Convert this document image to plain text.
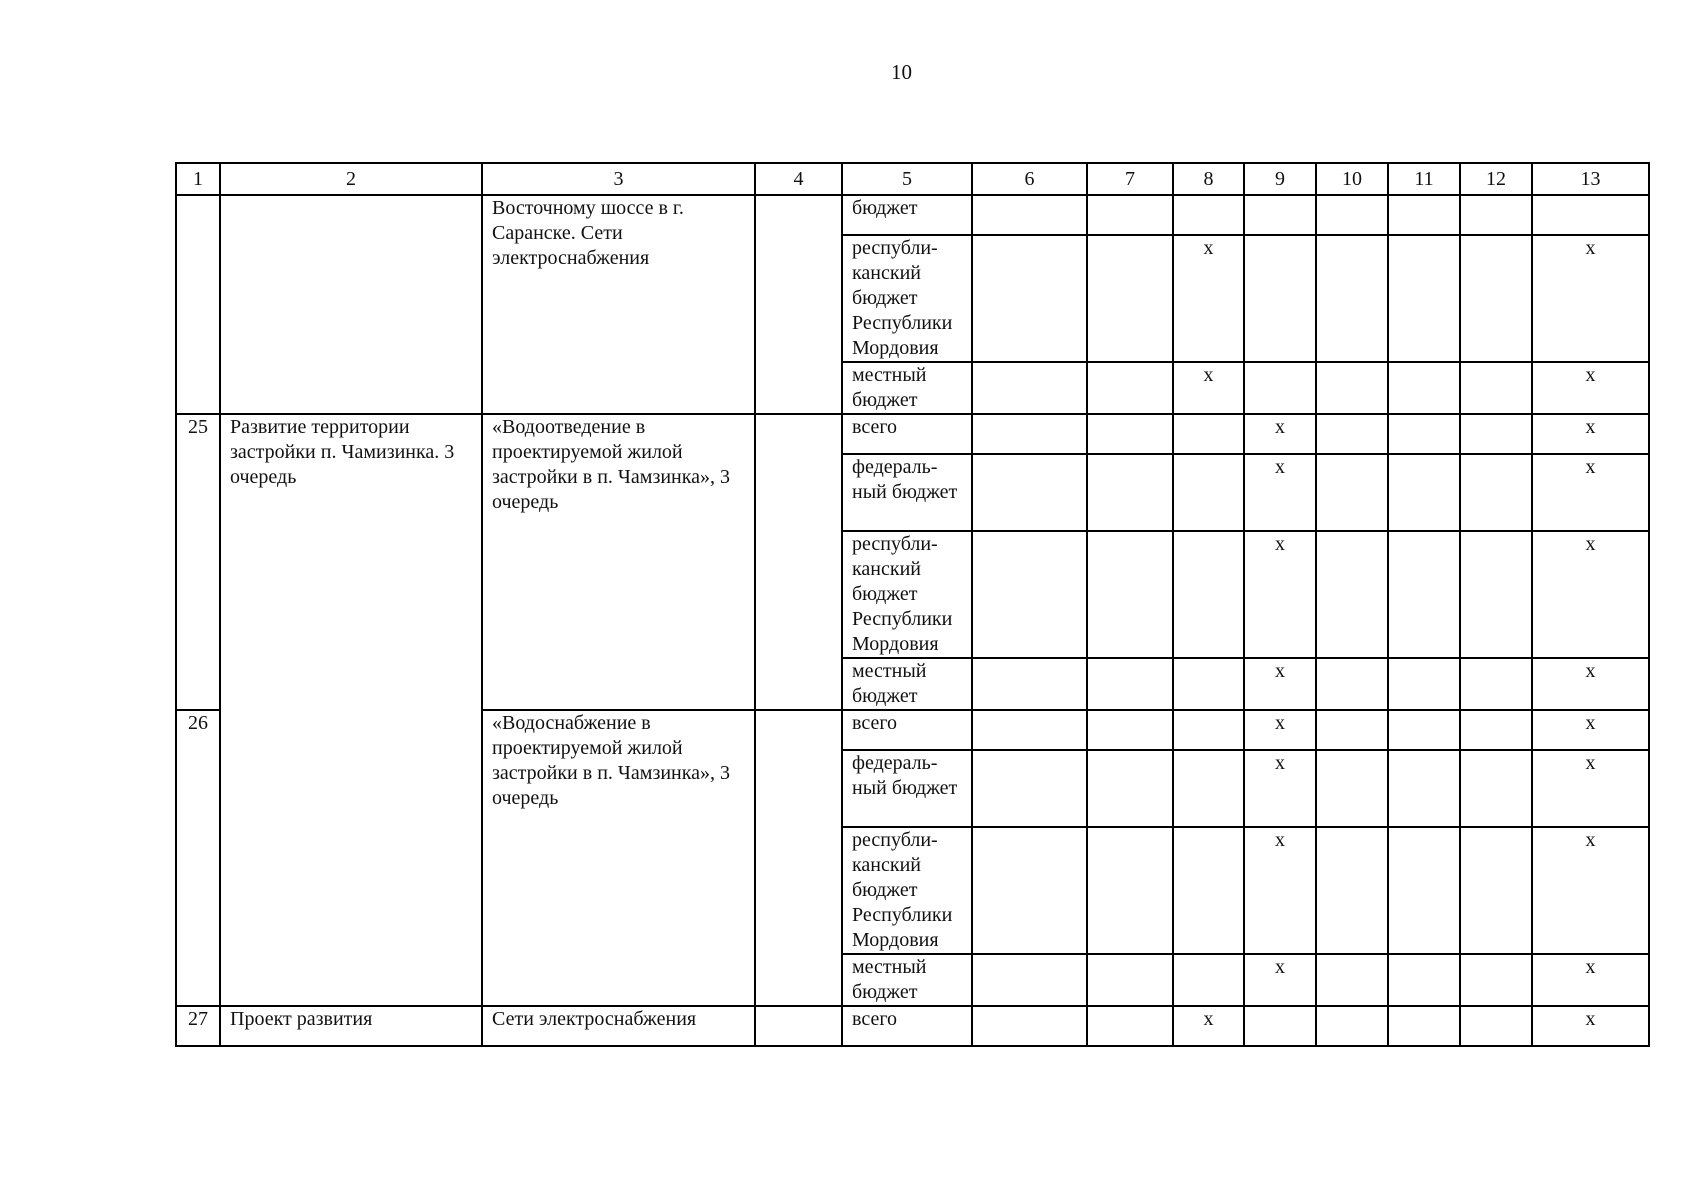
10
1	2	3	4	5	6	7	8	9	10	11	12	13
		Восточному шоссе в г. Саранске. Сети электроснабжения		бюджет								
				республи-канский бюджет Республики Мордовия			х					х
				местный бюджет			х					х
25	Развитие территории застройки п. Чамизинка. 3 очередь	«Водоотведение в проектируемой жилой застройки в п. Чамзинка», 3 очередь		всего				х				х
				федераль-ный бюджет				х				х
				республи-канский бюджет Республики Мордовия				х				х
				местный бюджет				х				х
26		«Водоснабжение в проектируемой жилой застройки в п. Чамзинка», 3 очередь		всего				х				х
				федераль-ный бюджет				х				х
				республи-канский бюджет Республики Мордовия				х				х
				местный бюджет				х				х
27	Проект развития	Сети электроснабжения		всего			х					х
